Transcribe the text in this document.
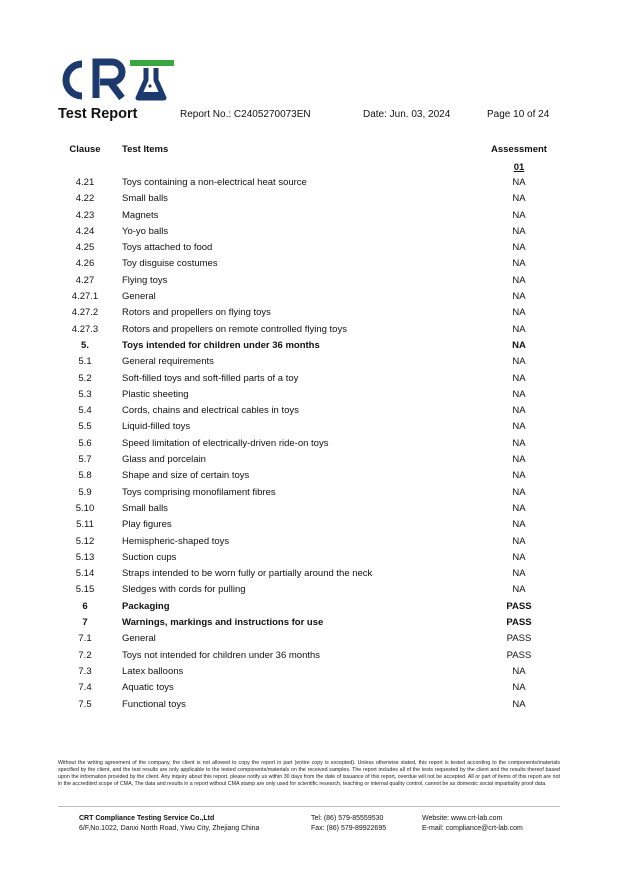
Test Report	Report No.: C2405270073EN	Date: Jun. 03, 2024	Page 10 of 24
Clause	Test Items	Assessment
01
4.21	Toys containing a non-electrical heat source	NA
4.22	Small balls	NA
4.23	Magnets	NA
4.24	Yo-yo balls	NA
4.25	Toys attached to food	NA
4.26	Toy disguise costumes	NA
4.27	Flying toys	NA
4.27.1	General	NA
4.27.2	Rotors and propellers on flying toys	NA
4.27.3	Rotors and propellers on remote controlled flying toys	NA
5.	Toys intended for children under 36 months	NA
5.1	General requirements	NA
5.2	Soft-filled toys and soft-filled parts of a toy	NA
5.3	Plastic sheeting	NA
5.4	Cords, chains and electrical cables in toys	NA
5.5	Liquid-filled toys	NA
5.6	Speed limitation of electrically-driven ride-on toys	NA
5.7	Glass and porcelain	NA
5.8	Shape and size of certain toys	NA
5.9	Toys comprising monofilament fibres	NA
5.10	Small balls	NA
5.11	Play figures	NA
5.12	Hemispheric-shaped toys	NA
5.13	Suction cups	NA
5.14	Straps intended to be worn fully or partially around the neck	NA
5.15	Sledges with cords for pulling	NA
6	Packaging	PASS
7	Warnings, markings and instructions for use	PASS
7.1	General	PASS
7.2	Toys not intended for children under 36 months	PASS
7.3	Latex balloons	NA
7.4	Aquatic toys	NA
7.5	Functional toys	NA
Without the writing agreement of the company, the client is not allowed to copy the report in part (entire copy is excepted). Unless otherwise stated, this report is tested according to the components/materials specified by the client, and the test results are only applicable to the tested components/materials on the received samples. The report includes all of the tests requested by the client and the results thereof based upon the information provided by the client. Any inquiry about this report, please notify us within 30 days from the date of issuance of this report, overdue will not be accepted. All or part of items of this report are not in the accredited scope of CMA, The data and results in a report without CMA stamp are only used for scientific research, teaching or internal quality control, cannot be as domestic social impartiality proof data.
CRT Compliance Testing Service Co.,Ltd
6/F,No.1022, Danxi North Road, Yiwu City, Zhejiang China
Tel: (86) 579-85559530
Fax: (86) 579-89922695
Website: www.crt-lab.com
E-mail: compliance@crt-lab.com
